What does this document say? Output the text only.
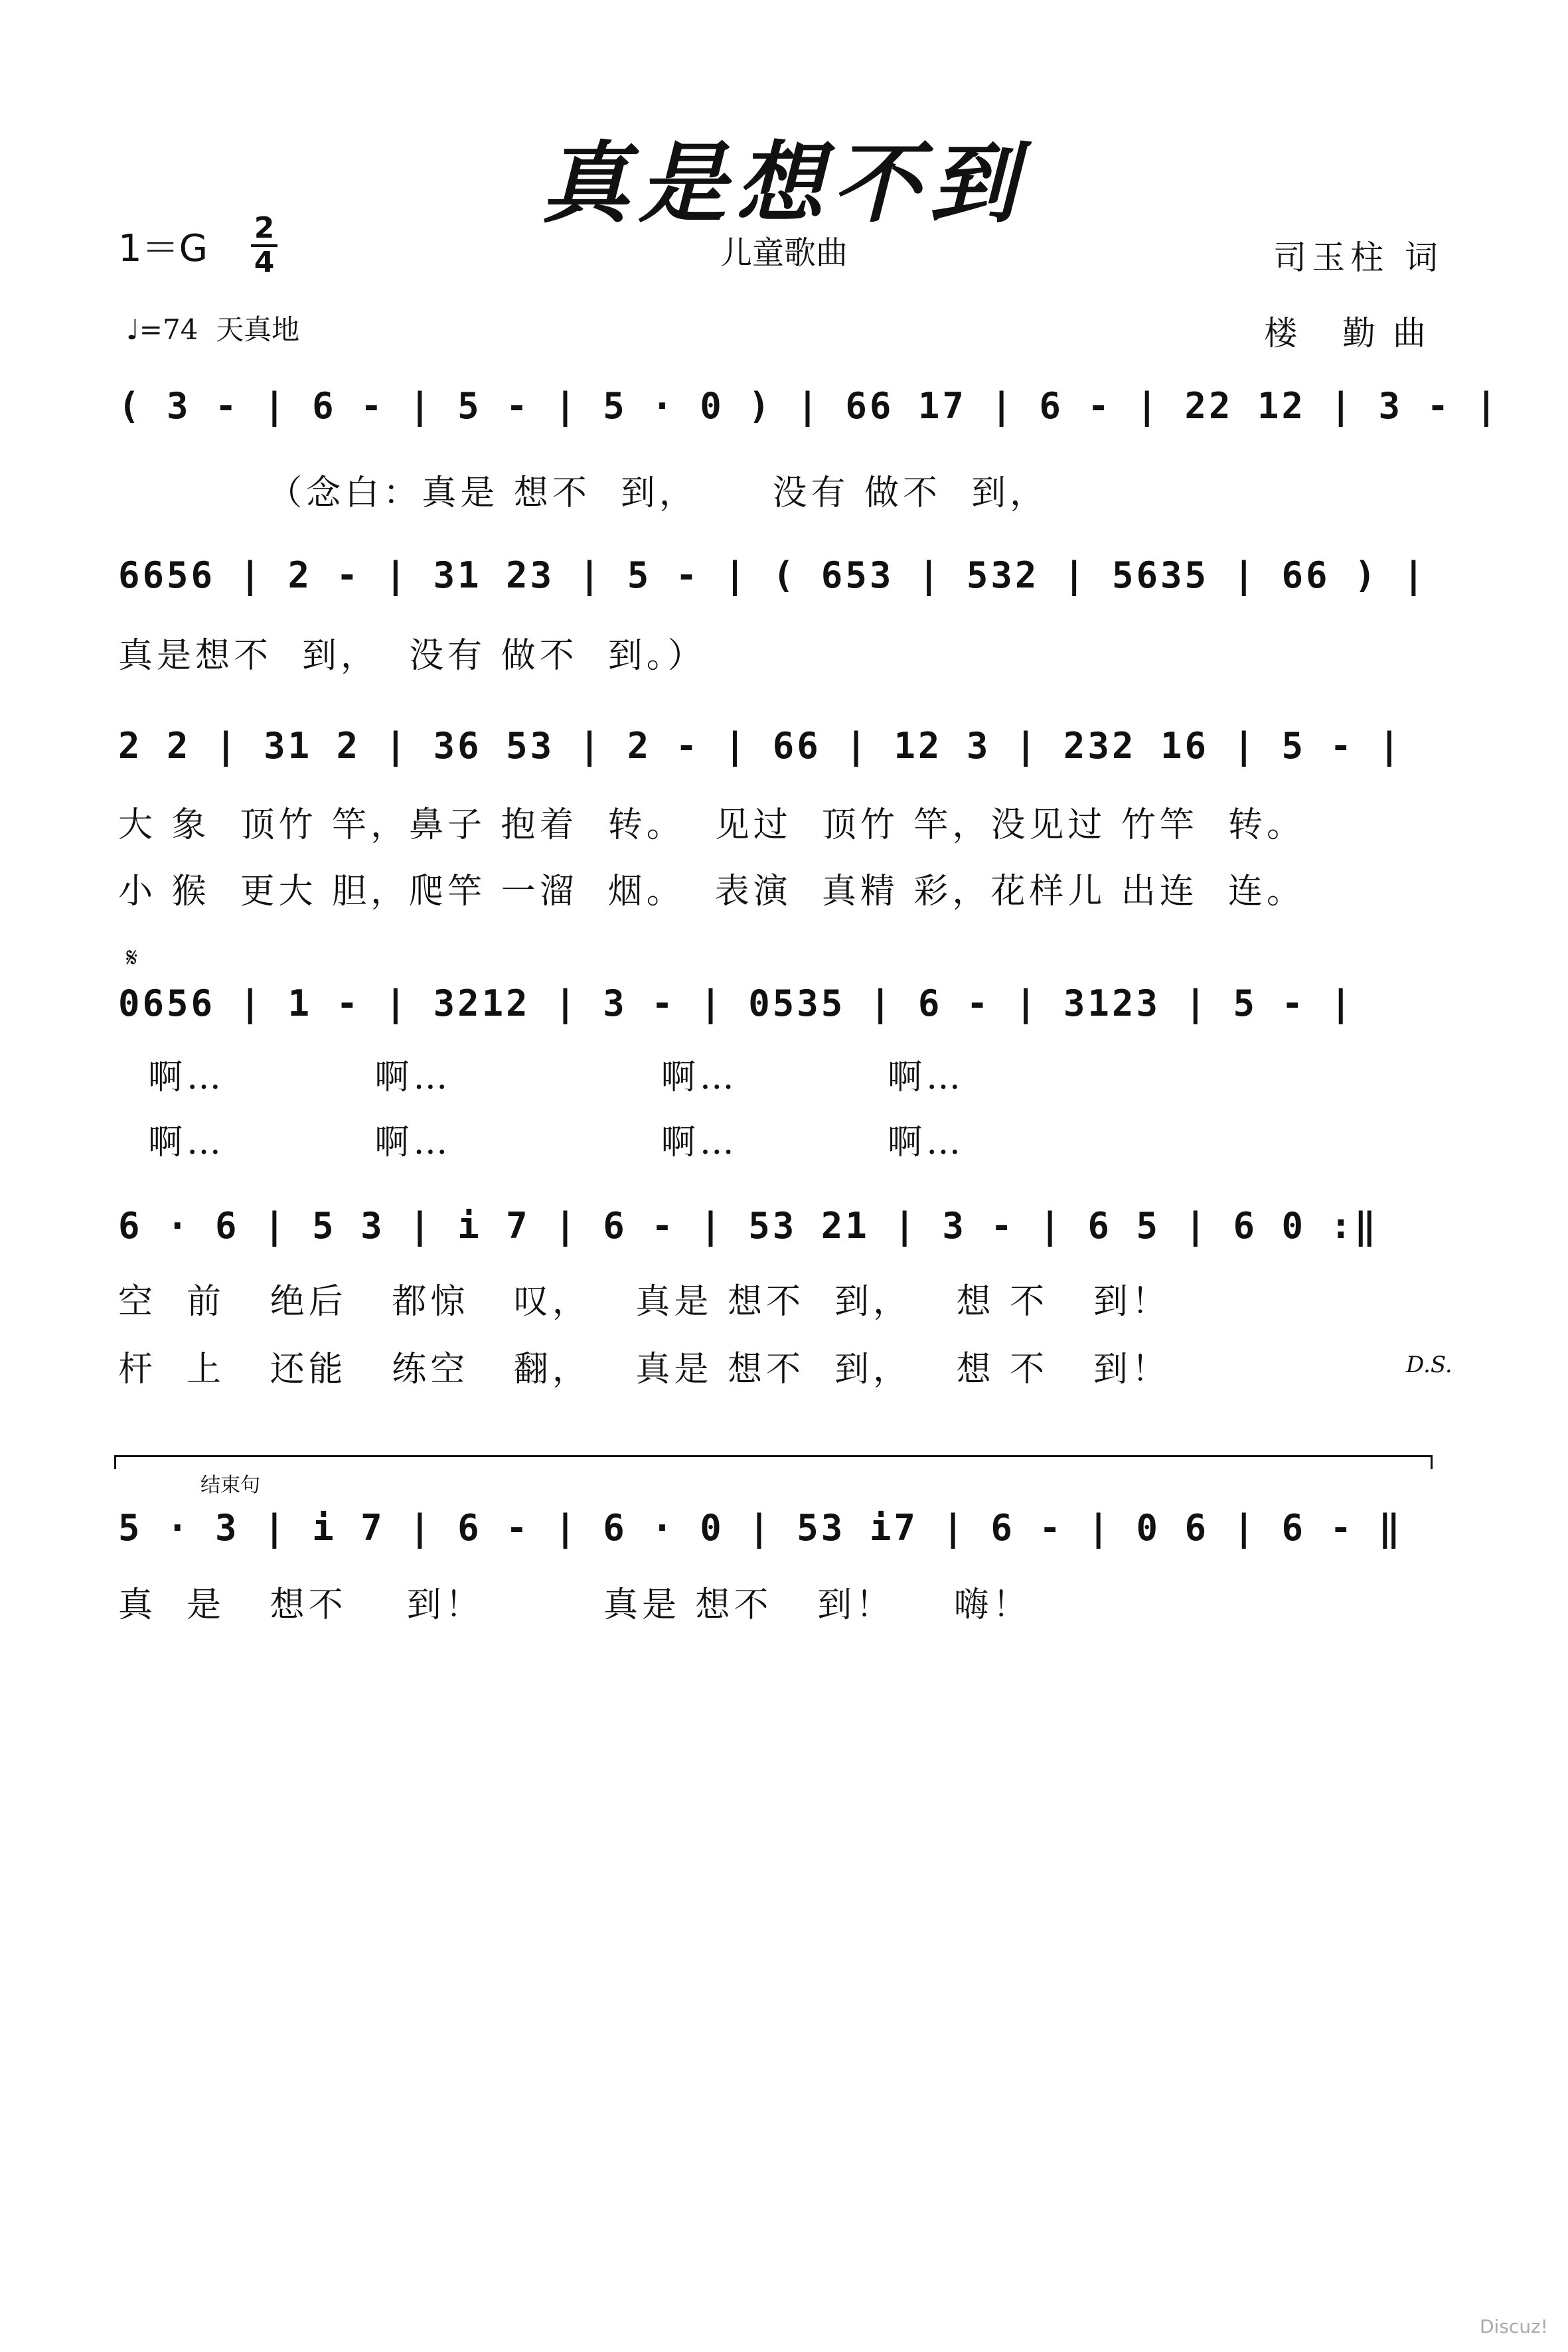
真是想不到
1＝G 2
4	儿童歌曲	司玉柱 词
楼 勤曲
♩=74  天真地
( 3 - | 6 - | 5 - | 5 · 0 ) | 66 17 | 6 - | 22 12 | 3 - |
（念白：真是 想不  到，     没有 做不  到，
6656 | 2 - | 31 23 | 5 - | ( 653 | 532 | 5635 | 66 ) |
真是想不  到，  没有 做不  到。）
2 2 | 31 2 | 36 53 | 2 - | 66 | 12 3 | 232 16 | 5 - |
大 象  顶竹 竿，鼻子 抱着  转。  见过  顶竹 竿，没见过 竹竿  转。
小 猴  更大 胆，爬竿 一溜  烟。  表演  真精 彩，花样儿 出连  连。
𝄋
0656 | 1 - | 3212 | 3 - | 0535 | 6 - | 3123 | 5 - |
啊…          啊…              啊…          啊…
啊…          啊…              啊…          啊…
6 · 6 | 5 3 | i 7 | 6 - | 53 21 | 3 - | 6 5 | 6 0 :‖
空  前   绝后   都惊   叹，   真是 想不  到，   想 不   到！
杆  上   还能   练空   翻，   真是 想不  到，   想 不   到！	D.S.
结束句
5 · 3 | i 7 | 6 - | 6 · 0 | 53 i7 | 6 - | 0 6 | 6 - ‖
真  是   想不    到！        真是 想不   到！    嗨！
Discuz!
